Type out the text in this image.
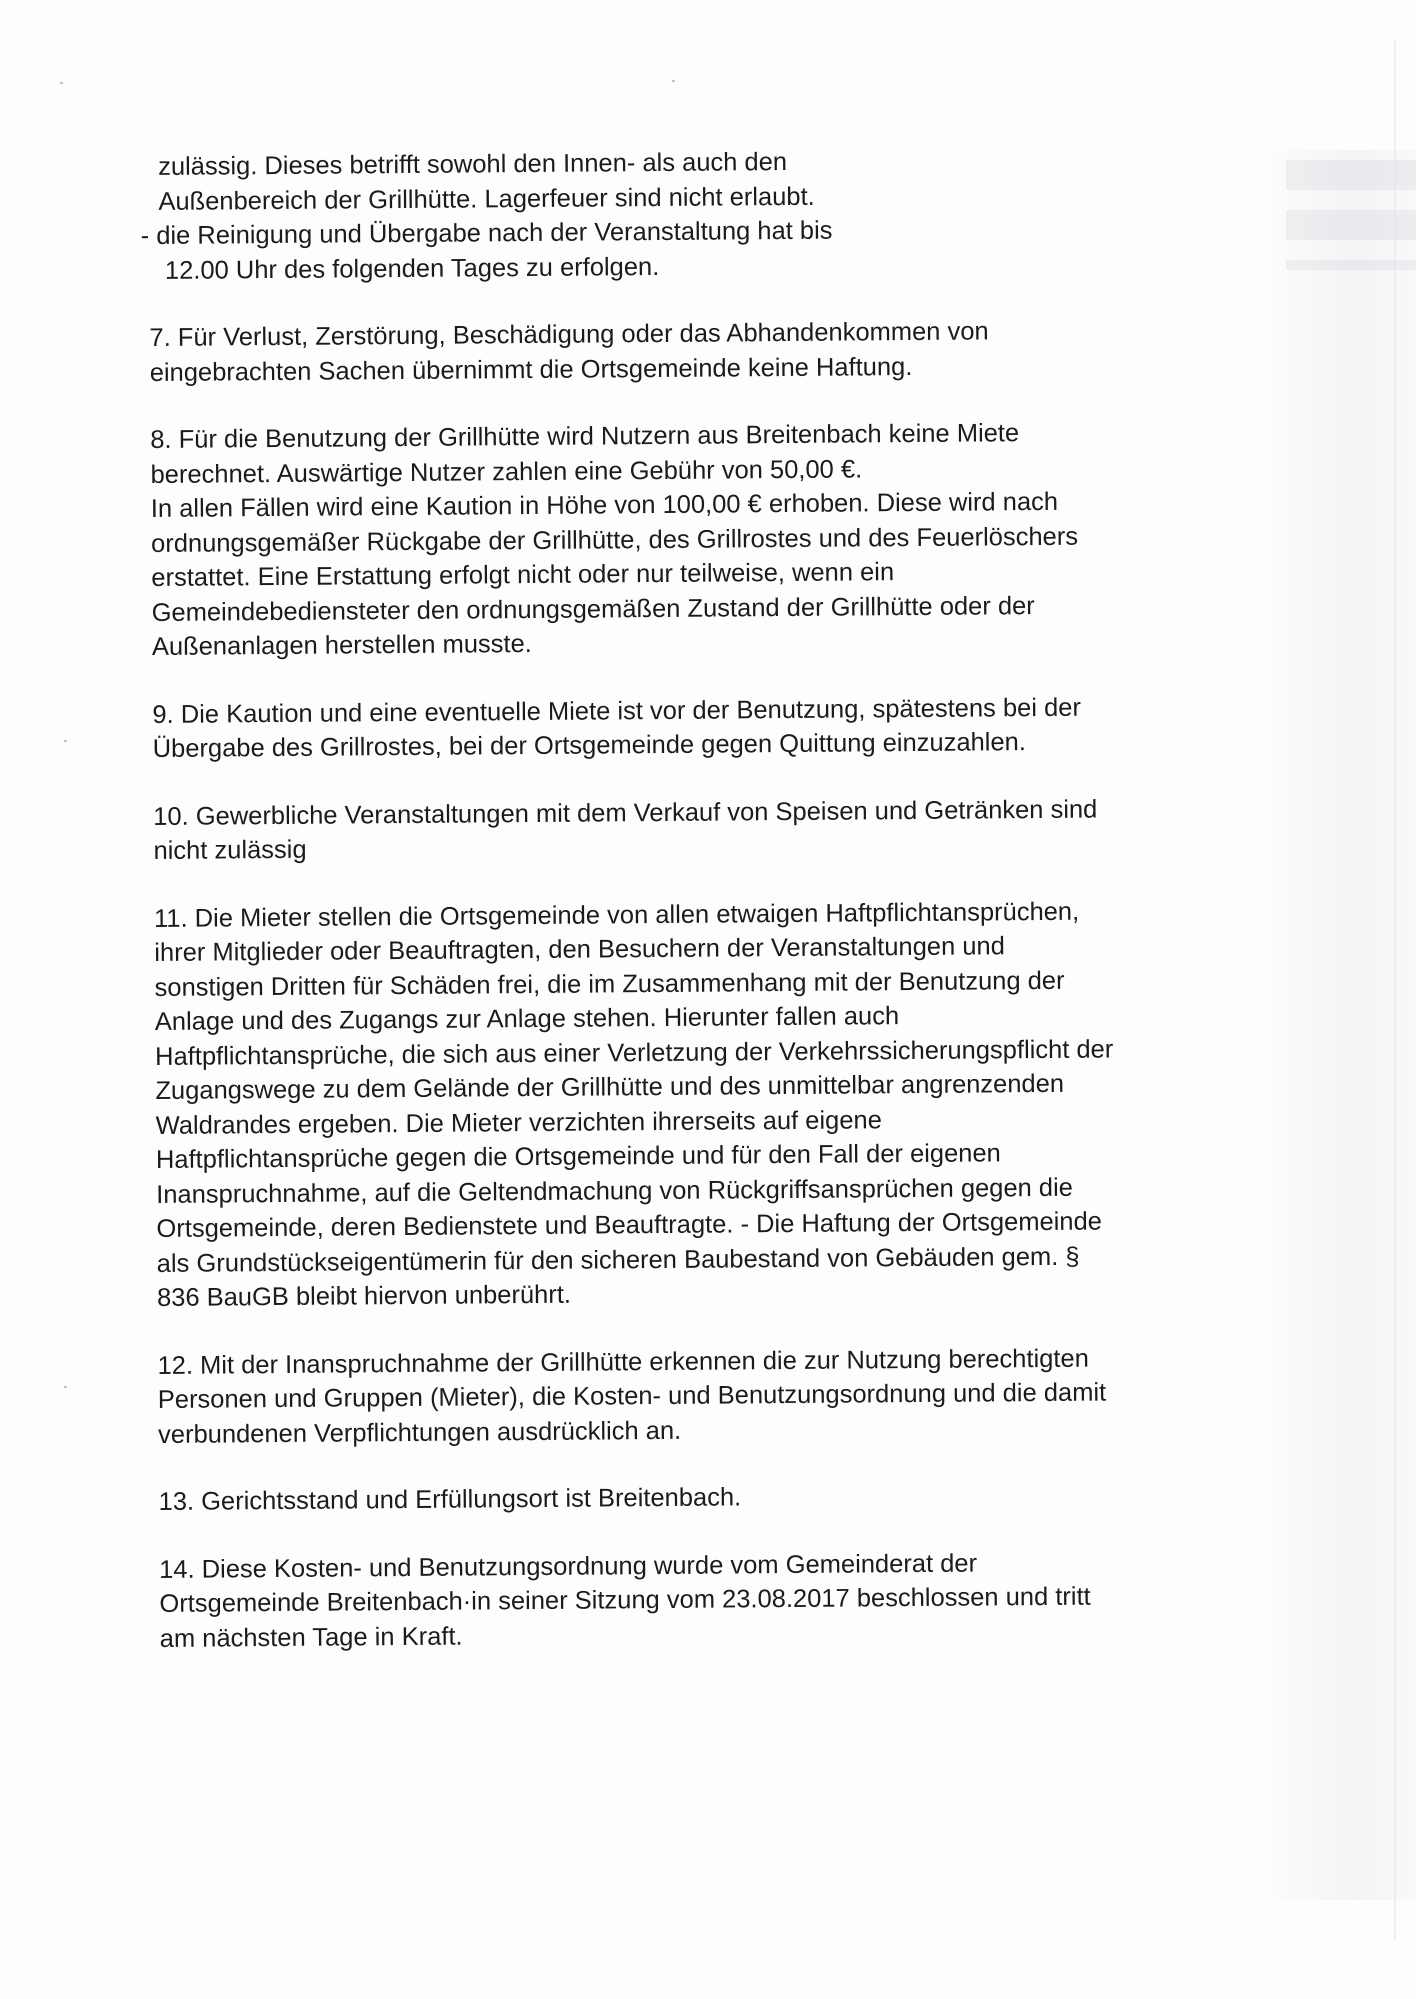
zulässig. Dieses betrifft sowohl den Innen- als auch den
Außenbereich der Grillhütte. Lagerfeuer sind nicht erlaubt.
- die Reinigung und Übergabe nach der Veranstaltung hat bis
12.00 Uhr des folgenden Tages zu erfolgen.
7. Für Verlust, Zerstörung, Beschädigung oder das Abhandenkommen von
eingebrachten Sachen übernimmt die Ortsgemeinde keine Haftung.
8. Für die Benutzung der Grillhütte wird Nutzern aus Breitenbach keine Miete
berechnet. Auswärtige Nutzer zahlen eine Gebühr von 50,00 €.
In allen Fällen wird eine Kaution in Höhe von 100,00 € erhoben. Diese wird nach
ordnungsgemäßer Rückgabe der Grillhütte, des Grillrostes und des Feuerlöschers
erstattet. Eine Erstattung erfolgt nicht oder nur teilweise, wenn ein
Gemeindebediensteter den ordnungsgemäßen Zustand der Grillhütte oder der
Außenanlagen herstellen musste.
9. Die Kaution und eine eventuelle Miete ist vor der Benutzung, spätestens bei der
Übergabe des Grillrostes, bei der Ortsgemeinde gegen Quittung einzuzahlen.
10. Gewerbliche Veranstaltungen mit dem Verkauf von Speisen und Getränken sind
nicht zulässig
11. Die Mieter stellen die Ortsgemeinde von allen etwaigen Haftpflichtansprüchen,
ihrer Mitglieder oder Beauftragten, den Besuchern der Veranstaltungen und
sonstigen Dritten für Schäden frei, die im Zusammenhang mit der Benutzung der
Anlage und des Zugangs zur Anlage stehen. Hierunter fallen auch
Haftpflichtansprüche, die sich aus einer Verletzung der Verkehrssicherungspflicht der
Zugangswege zu dem Gelände der Grillhütte und des unmittelbar angrenzenden
Waldrandes ergeben. Die Mieter verzichten ihrerseits auf eigene
Haftpflichtansprüche gegen die Ortsgemeinde und für den Fall der eigenen
Inanspruchnahme, auf die Geltendmachung von Rückgriffsansprüchen gegen die
Ortsgemeinde, deren Bedienstete und Beauftragte. - Die Haftung der Ortsgemeinde
als Grundstückseigentümerin für den sicheren Baubestand von Gebäuden gem. §
836 BauGB bleibt hiervon unberührt.
12. Mit der Inanspruchnahme der Grillhütte erkennen die zur Nutzung berechtigten
Personen und Gruppen (Mieter), die Kosten- und Benutzungsordnung und die damit
verbundenen Verpflichtungen ausdrücklich an.
13. Gerichtsstand und Erfüllungsort ist Breitenbach.
14. Diese Kosten- und Benutzungsordnung wurde vom Gemeinderat der
Ortsgemeinde Breitenbach·in seiner Sitzung vom 23.08.2017 beschlossen und tritt
am nächsten Tage in Kraft.
